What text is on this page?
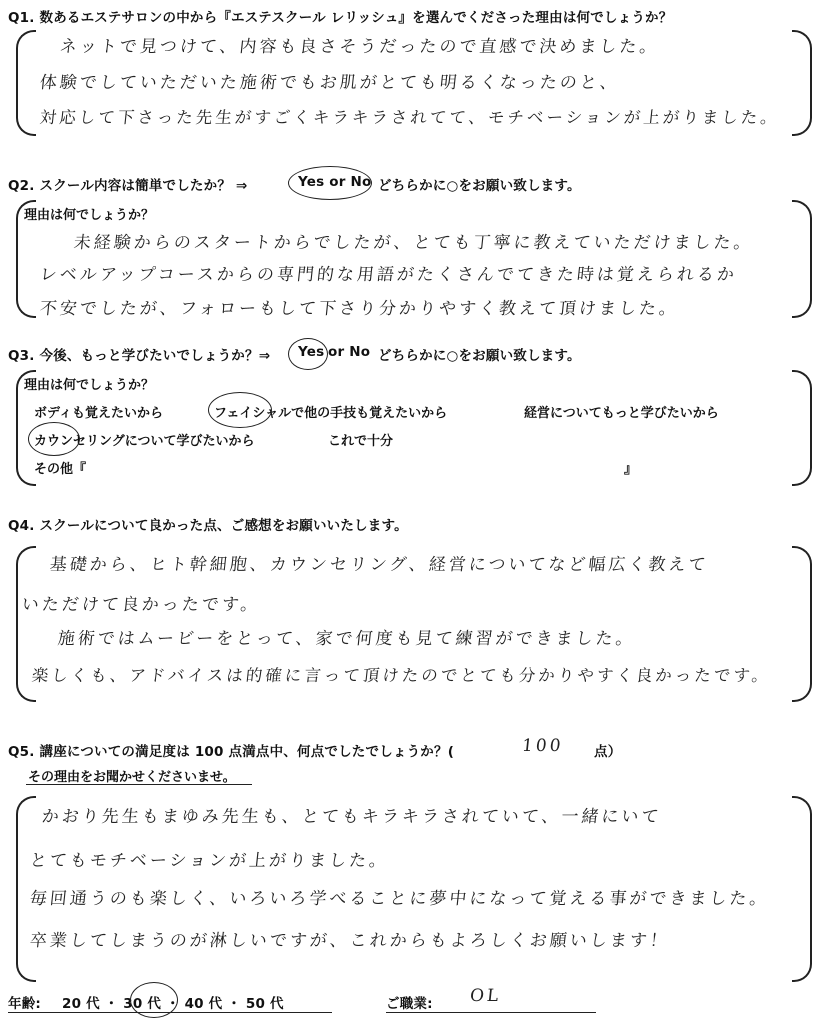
Q1. 数あるエステサロンの中から『エステスクール レリッシュ』を選んでくださった理由は何でしょうか？
ネットで見つけて、内容も良さそうだったので直感で決めました。
体験でしていただいた施術でもお肌がとても明るくなったのと、
対応して下さった先生がすごくキラキラされてて、モチベーションが上がりました。
Q2. スクール内容は簡単でしたか？ ⇒	Yes or No どちらかに○をお願い致します。
理由は何でしょうか？
未経験からのスタートからでしたが、とても丁寧に教えていただけました。
レベルアップコースからの専門的な用語がたくさんでてきた時は覚えられるか
不安でしたが、フォローもして下さり分かりやすく教えて頂けました。
Q3. 今後、もっと学びたいでしょうか？⇒ Yes or No どちらかに○をお願い致します。
理由は何でしょうか？
ボディも覚えたいから	フェイシャルで他の手技も覚えたいから	経営についてもっと学びたいから
カウンセリングについて学びたいから	これで十分
その他『	』
Q4. スクールについて良かった点、ご感想をお願いいたします。
基礎から、ヒト幹細胞、カウンセリング、経営についてなど幅広く教えて
いただけて良かったです。
施術ではムービーをとって、家で何度も見て練習ができました。
楽しくも、アドバイスは的確に言って頂けたのでとても分かりやすく良かったです。
Q5. 講座についての満足度は 100 点満点中、何点でしたでしょうか？(	100 点）
その理由をお聞かせくださいませ。
かおり先生もまゆみ先生も、とてもキラキラされていて、一緒にいて
とてもモチベーションが上がりました。
毎回通うのも楽しく、いろいろ学べることに夢中になって覚える事ができました。
卒業してしまうのが淋しいですが、これからもよろしくお願いします！
年齢: 20 代 ・ 30 代 ・ 40 代 ・ 50 代	ご職業: OL
